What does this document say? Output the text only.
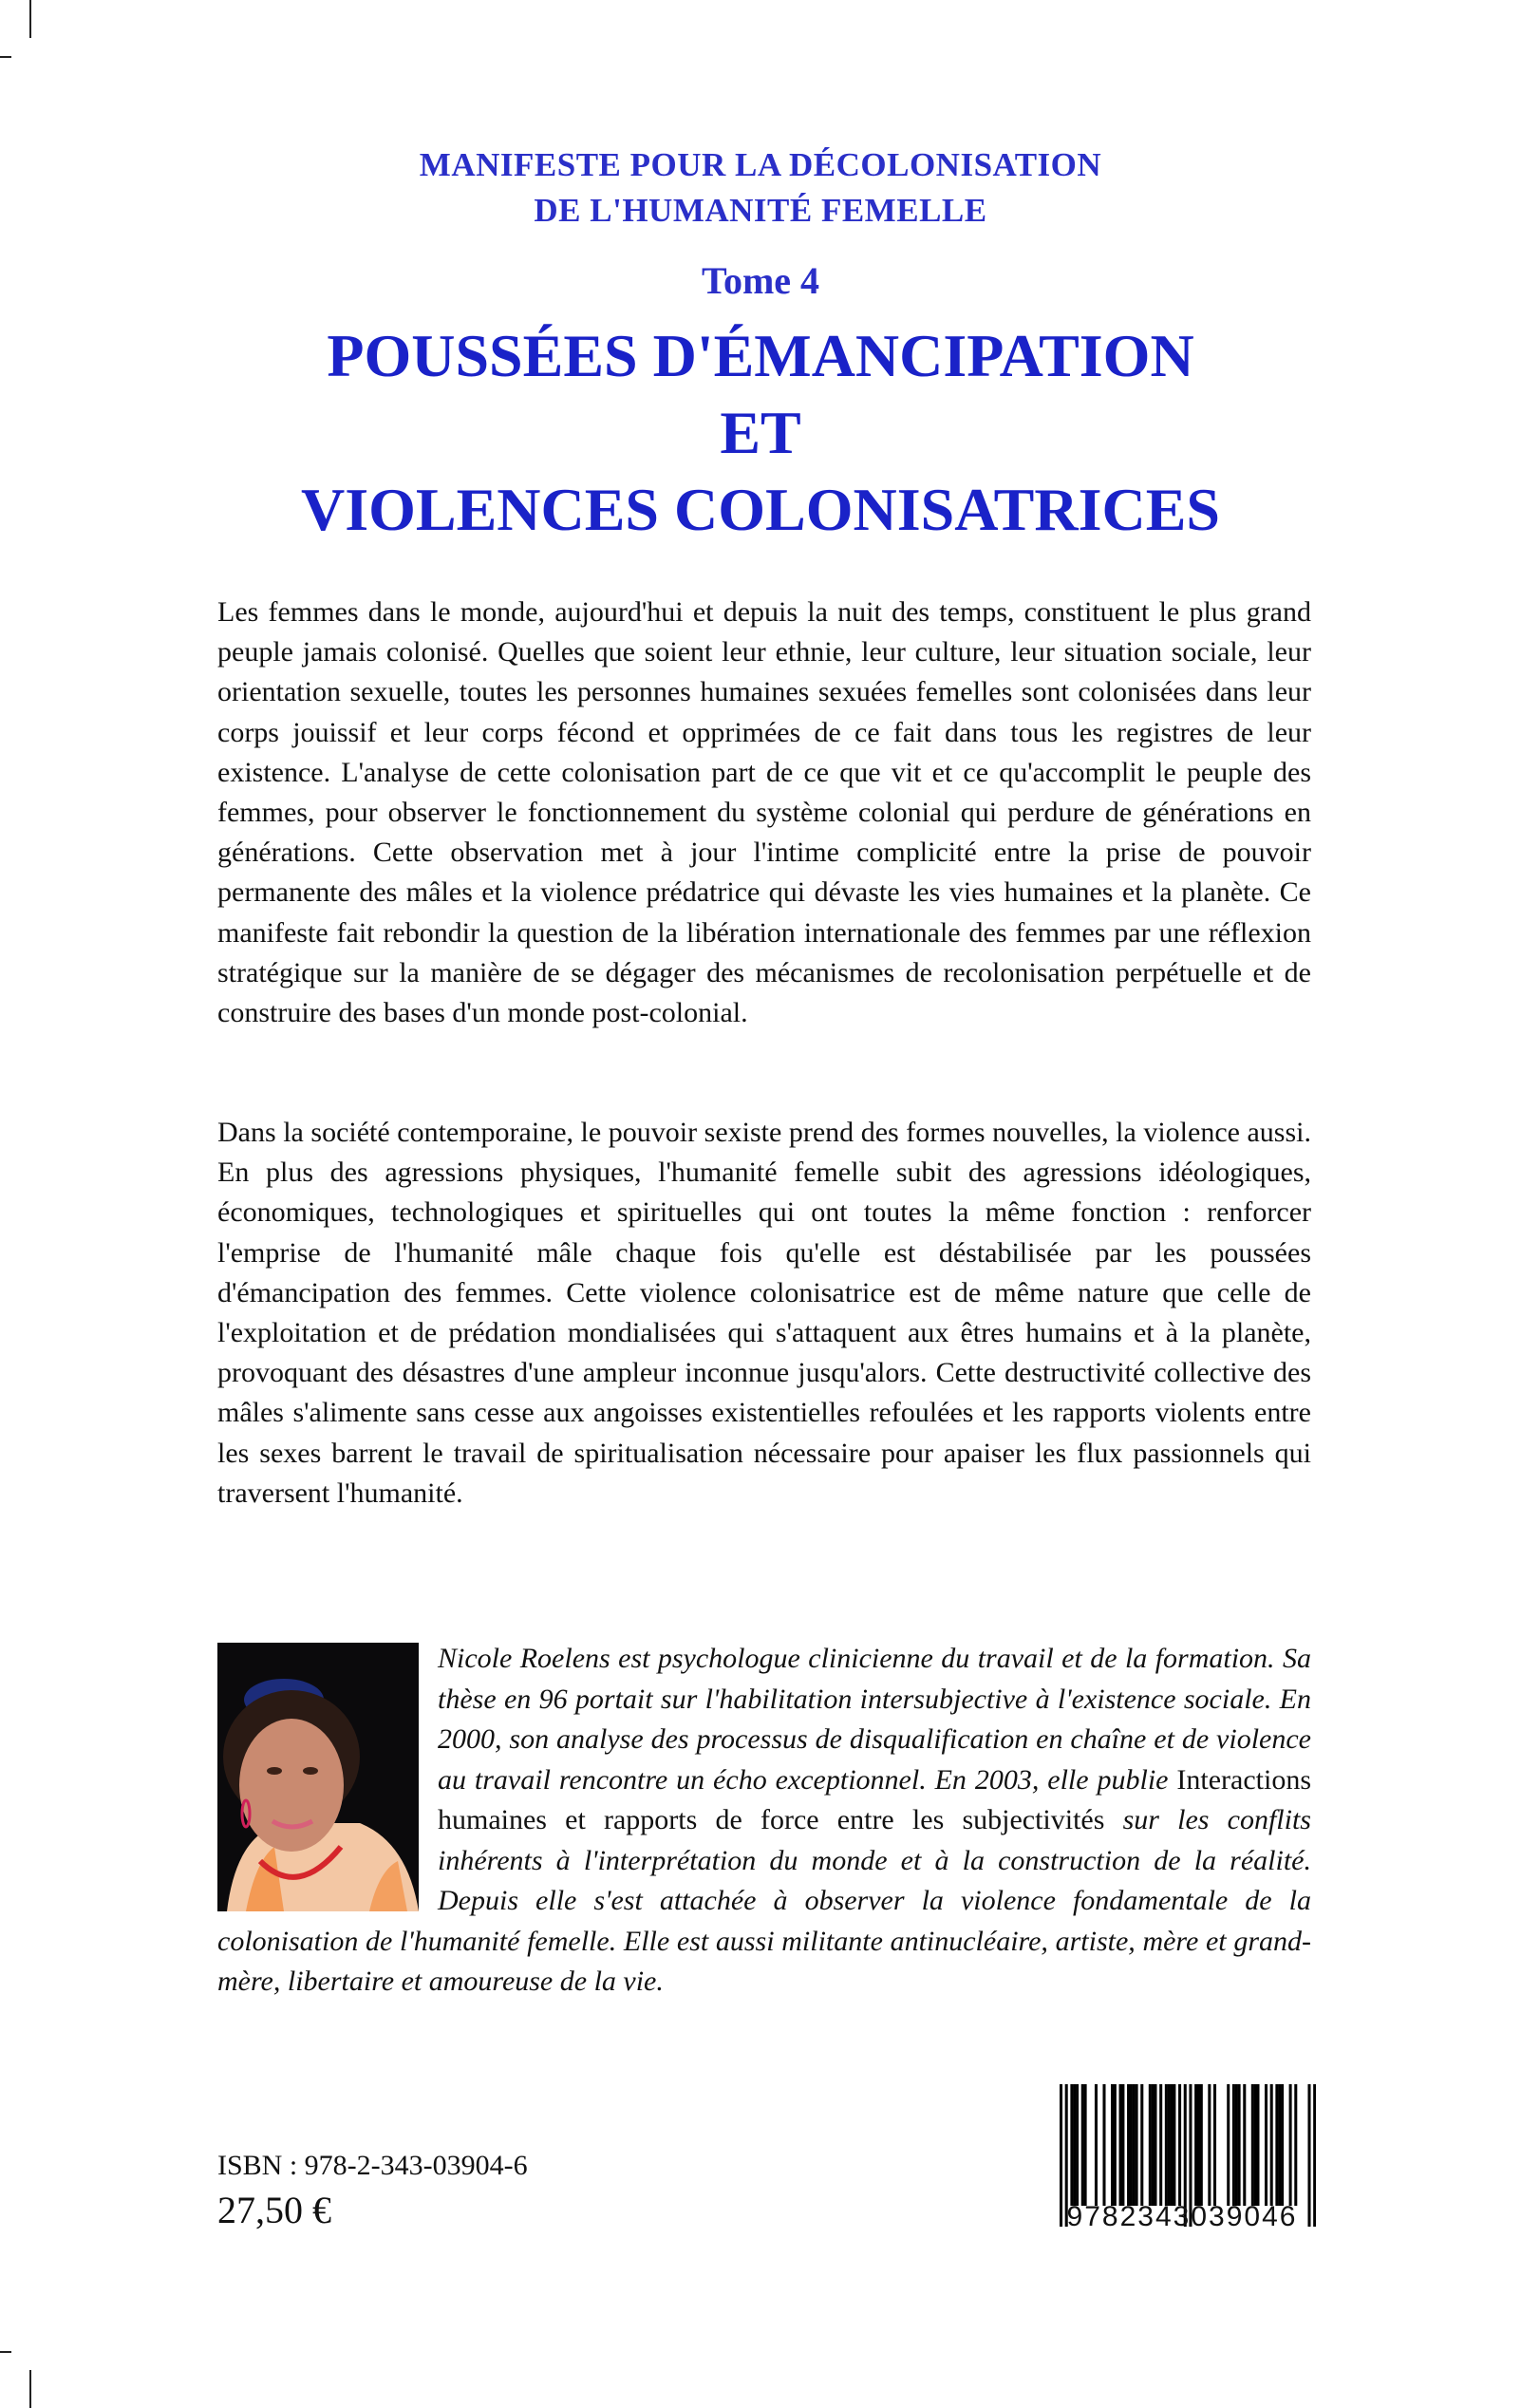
MANIFESTE POUR LA DÉCOLONISATION
DE L'HUMANITÉ FEMELLE
Tome 4
POUSSÉES D'ÉMANCIPATION
ET
VIOLENCES COLONISATRICES
Les femmes dans le monde, aujourd'hui et depuis la nuit des temps, constituent le plus grand peuple jamais colonisé. Quelles que soient leur ethnie, leur culture, leur situation sociale, leur orientation sexuelle, toutes les personnes humaines sexuées femelles sont colonisées dans leur corps jouissif et leur corps fécond et opprimées de ce fait dans tous les registres de leur existence. L'analyse de cette colonisation part de ce que vit et ce qu'accomplit le peuple des femmes, pour observer le fonctionnement du système colonial qui perdure de générations en générations. Cette observation met à jour l'intime complicité entre la prise de pouvoir permanente des mâles et la violence prédatrice qui dévaste les vies humaines et la planète. Ce manifeste fait rebondir la question de la libération internationale des femmes par une réflexion stratégique sur la manière de se dégager des mécanismes de recolonisation perpétuelle et de construire des bases d'un monde post-colonial.
Dans la société contemporaine, le pouvoir sexiste prend des formes nouvelles, la violence aussi. En plus des agressions physiques, l'humanité femelle subit des agressions idéologiques, économiques, technologiques et spirituelles qui ont toutes la même fonction : renforcer l'emprise de l'humanité mâle chaque fois qu'elle est déstabilisée par les poussées d'émancipation des femmes. Cette violence colonisatrice est de même nature que celle de l'exploitation et de prédation mondialisées qui s'attaquent aux êtres humains et à la planète, provoquant des désastres d'une ampleur inconnue jusqu'alors. Cette destructivité collective des mâles s'alimente sans cesse aux angoisses existentielles refoulées et les rapports violents entre les sexes barrent le travail de spiritualisation nécessaire pour apaiser les flux passionnels qui traversent l'humanité.
Nicole Roelens est psychologue clinicienne du travail et de la formation. Sa thèse en 96 portait sur l'habilitation intersubjective à l'existence sociale. En 2000, son analyse des processus de disqualification en chaîne et de violence au travail rencontre un écho exceptionnel. En 2003, elle publie Interactions humaines et rapports de force entre les subjectivités sur les conflits inhérents à l'interprétation du monde et à la construction de la réalité. Depuis elle s'est attachée à observer la violence fondamentale de la colonisation de l'humanité femelle. Elle est aussi militante antinucléaire, artiste, mère et grand-mère, libertaire et amoureuse de la vie.
ISBN : 978-2-343-03904-6
27,50 €	9782343039046
